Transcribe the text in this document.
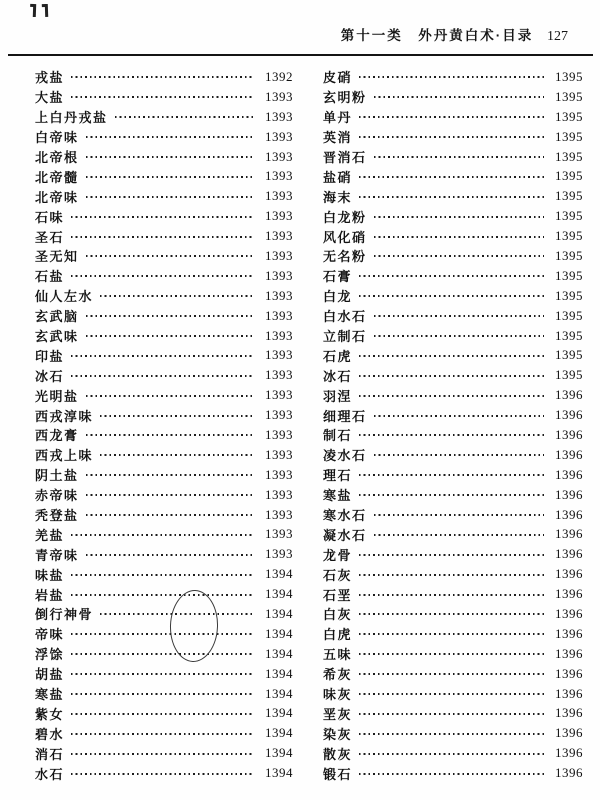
第十一类　外丹黄白术·目录 127
戎盐	1392
大盐	1393
上白丹戎盐	1393
白帝味	1393
北帝根	1393
北帝髓	1393
北帝味	1393
石味	1393
圣石	1393
圣无知	1393
石盐	1393
仙人左水	1393
玄武脑	1393
玄武味	1393
印盐	1393
冰石	1393
光明盐	1393
西戎淳味	1393
西龙膏	1393
西戎上味	1393
阴土盐	1393
赤帝味	1393
秃登盐	1393
羌盐	1393
青帝味	1393
味盐	1394
岩盐	1394
倒行神骨	1394
帝味	1394
浮馀	1394
胡盐	1394
寒盐	1394
紫女	1394
碧水	1394
消石	1394
水石	1394
皮硝	1395
玄明粉	1395
单丹	1395
英消	1395
晋消石	1395
盐硝	1395
海末	1395
白龙粉	1395
风化硝	1395
无名粉	1395
石膏	1395
白龙	1395
白水石	1395
立制石	1395
石虎	1395
冰石	1395
羽涅	1396
细理石	1396
制石	1396
凌水石	1396
理石	1396
寒盐	1396
寒水石	1396
凝水石	1396
龙骨	1396
石灰	1396
石垩	1396
白灰	1396
白虎	1396
五味	1396
希灰	1396
味灰	1396
垩灰	1396
染灰	1396
散灰	1396
锻石	1396
